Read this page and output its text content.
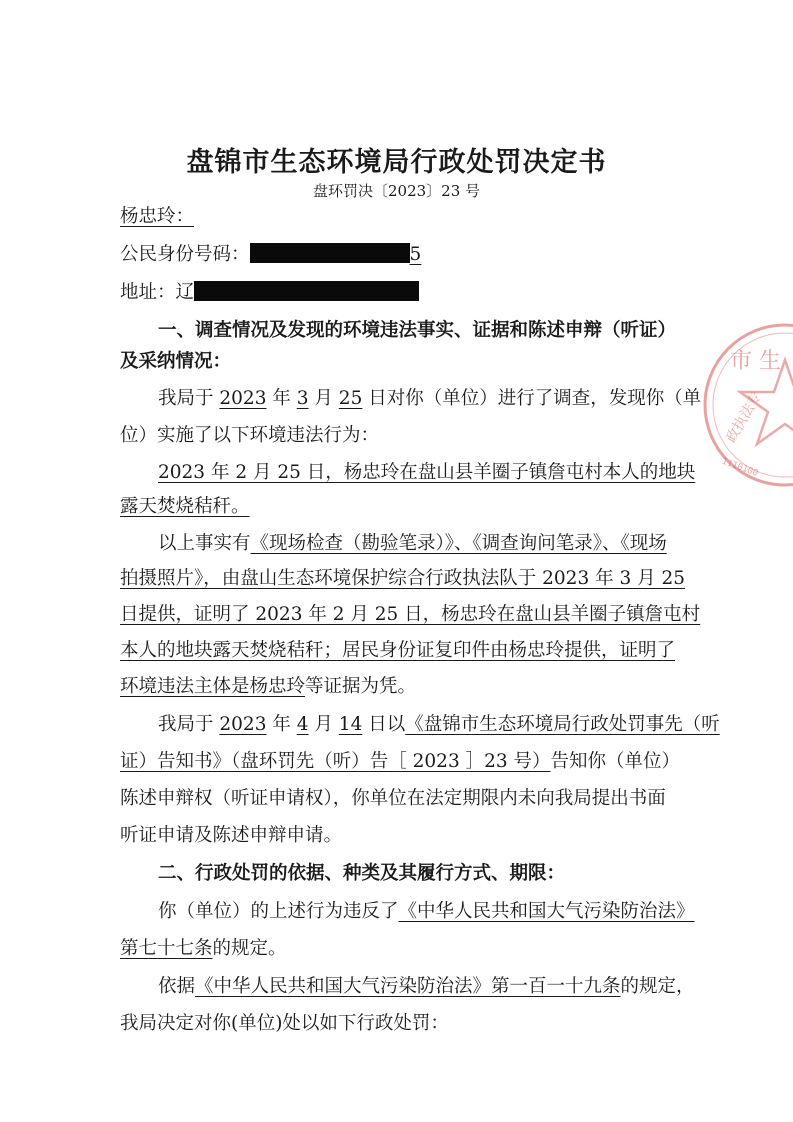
市 生
政执法专
1110100
盘锦市生态环境局行政处罚决定书
盘环罚决〔2023〕23 号
杨忠玲：
公民身份号码：	5
地址：辽
一、调查情况及发现的环境违法事实、证据和陈述申辩（听证）
及采纳情况：
我局于 2023 年 3 月 25 日对你（单位）进行了调查，发现你（单
位）实施了以下环境违法行为：
2023 年 2 月 25 日，杨忠玲在盘山县羊圈子镇詹屯村本人的地块
露天焚烧秸秆。
以上事实有《现场检查（勘验笔录）》、《调查询问笔录》、《现场
拍摄照片》，由盘山生态环境保护综合行政执法队于 2023 年 3 月 25
日提供，证明了 2023 年 2 月 25 日，杨忠玲在盘山县羊圈子镇詹屯村
本人的地块露天焚烧秸秆；居民身份证复印件由杨忠玲提供，证明了
环境违法主体是杨忠玲等证据为凭。
我局于 2023 年 4 月 14 日以《盘锦市生态环境局行政处罚事先（听
证）告知书》（盘环罚先（听）告［ 2023 ］23 号）告知你（单位）
陈述申辩权（听证申请权），你单位在法定期限内未向我局提出书面
听证申请及陈述申辩申请。
二、行政处罚的依据、种类及其履行方式、期限：
你（单位）的上述行为违反了《中华人民共和国大气污染防治法》
第七十七条的规定。
依据《中华人民共和国大气污染防治法》第一百一十九条的规定，
我局决定对你(单位)处以如下行政处罚：
